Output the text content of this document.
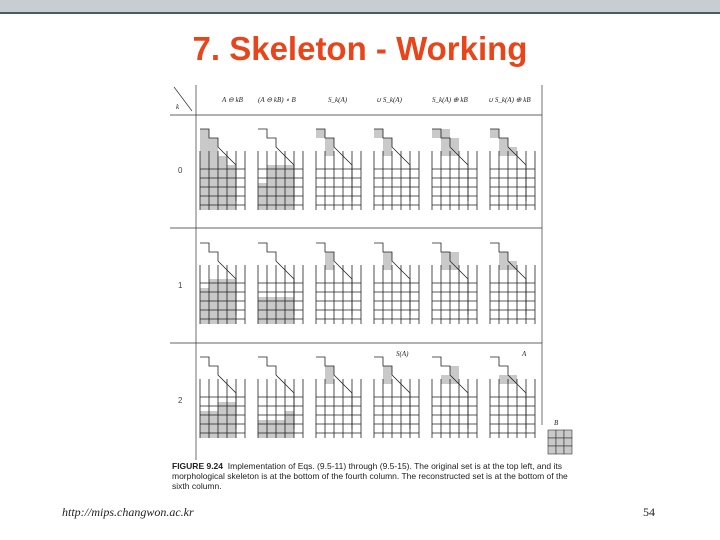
7. Skeleton - Working
k
A ⊖ kB (A ⊖ kB) ∘ B	S_k(A)	∪ S_k(A)	S_k(A) ⊕ kB	∪ S_k(A) ⊕ kB
0
1
2
S(A)	A
B
FIGURE 9.24 Implementation of Eqs. (9.5-11) through (9.5-15). The original set is at the top left, and its morphological skeleton is at the bottom of the fourth column. The reconstructed set is at the bottom of the sixth column.
http://mips.changwon.ac.kr	54
